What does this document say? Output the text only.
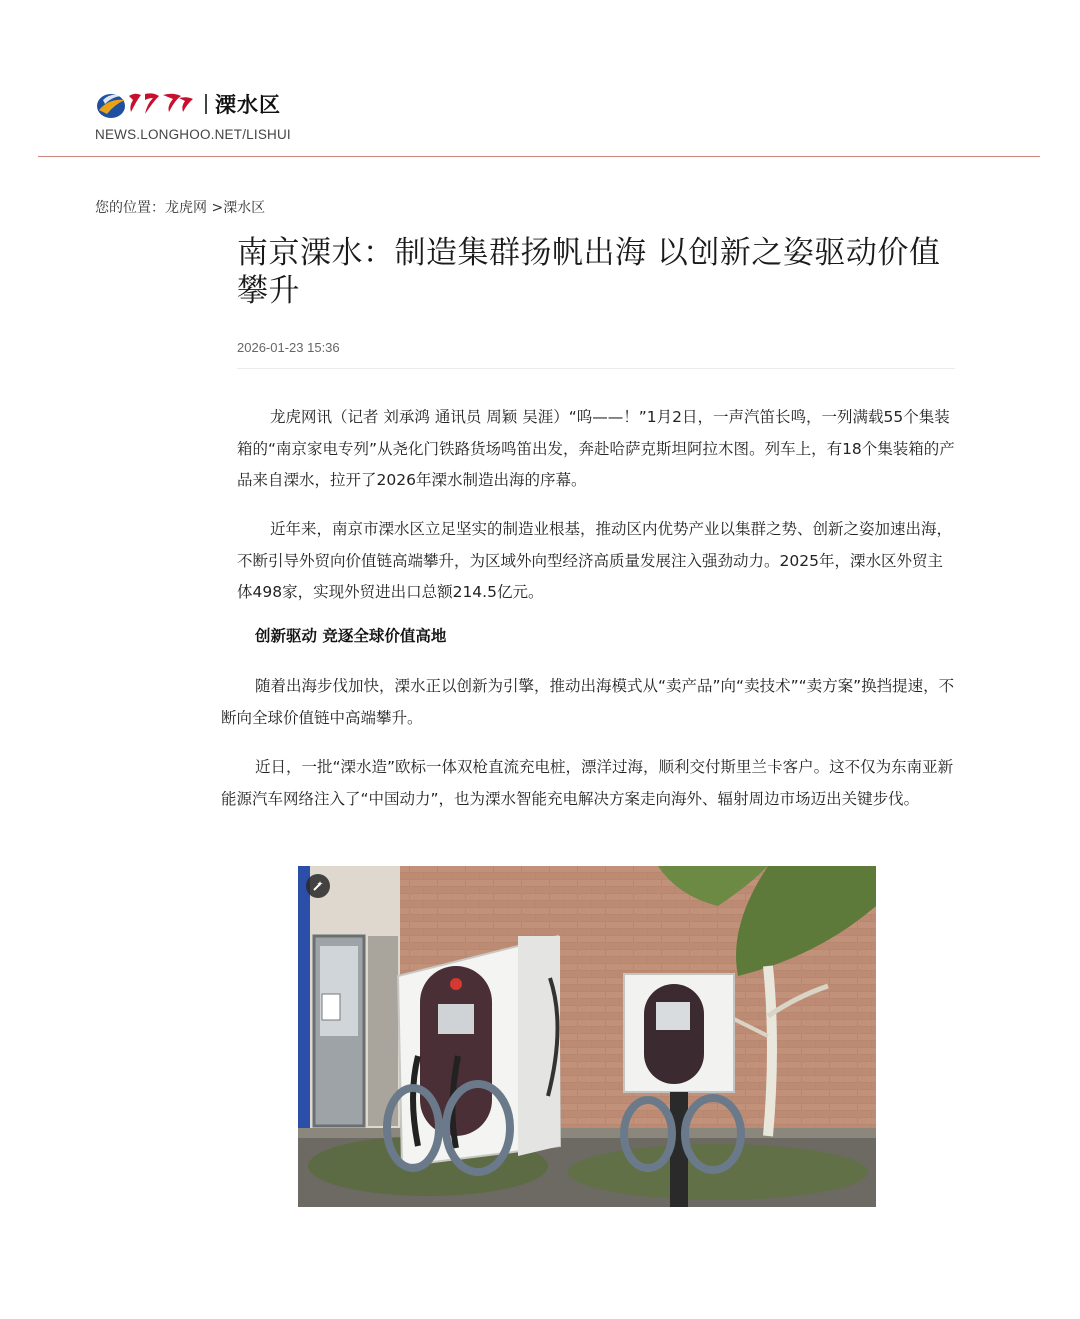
溧水区
NEWS.LONGHOO.NET/LISHUI
您的位置：龙虎网 >溧水区
南京溧水：制造集群扬帆出海 以创新之姿驱动价值攀升
2026-01-23 15:36

龙虎网讯（记者 刘承鸿 通讯员 周颖 吴涯）“呜——！”1月2日，一声汽笛长鸣，一列满载55个集装箱的“南京家电专列”从尧化门铁路货场鸣笛出发，奔赴哈萨克斯坦阿拉木图。列车上，有18个集装箱的产品来自溧水，拉开了2026年溧水制造出海的序幕。

近年来，南京市溧水区立足坚实的制造业根基，推动区内优势产业以集群之势、创新之姿加速出海，不断引导外贸向价值链高端攀升，为区域外向型经济高质量发展注入强劲动力。2025年，溧水区外贸主体498家，实现外贸进出口总额214.5亿元。

创新驱动 竞逐全球价值高地

随着出海步伐加快，溧水正以创新为引擎，推动出海模式从“卖产品”向“卖技术”“卖方案”换挡提速，不断向全球价值链中高端攀升。

近日，一批“溧水造”欧标一体双枪直流充电桩，漂洋过海，顺利交付斯里兰卡客户。这不仅为东南亚新能源汽车网络注入了“中国动力”，也为溧水智能充电解决方案走向海外、辐射周边市场迈出关键步伐。
